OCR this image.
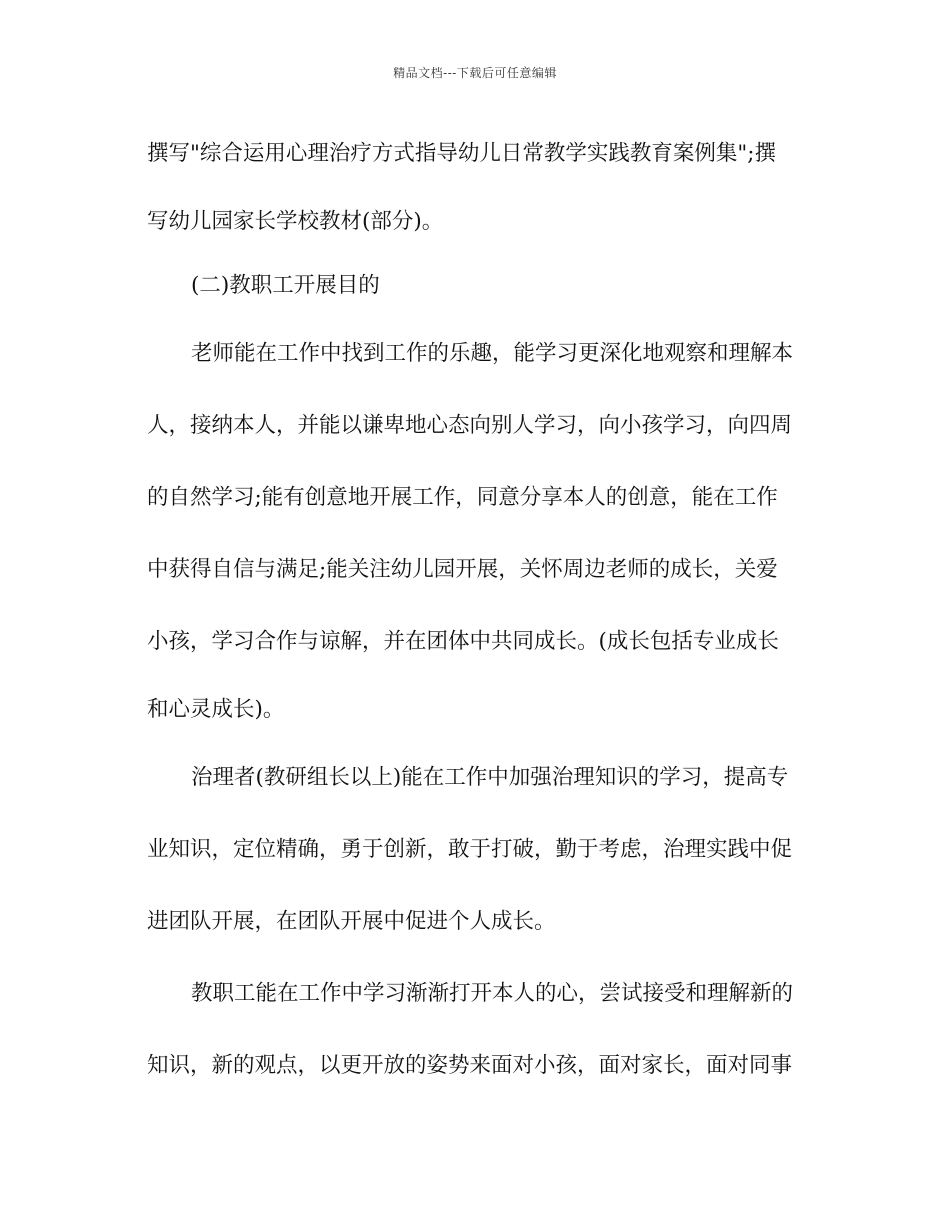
精品文档---下载后可任意编辑
撰写"综合运用心理治疗方式指导幼儿日常教学实践教育案例集";撰
写幼儿园家长学校教材(部分)。
(二)教职工开展目的
老师能在工作中找到工作的乐趣，能学习更深化地观察和理解本
人，接纳本人，并能以谦卑地心态向别人学习，向小孩学习，向四周
的自然学习;能有创意地开展工作，同意分享本人的创意，能在工作
中获得自信与满足;能关注幼儿园开展，关怀周边老师的成长，关爱
小孩，学习合作与谅解，并在团体中共同成长。(成长包括专业成长
和心灵成长)。
治理者(教研组长以上)能在工作中加强治理知识的学习，提高专
业知识，定位精确，勇于创新，敢于打破，勤于考虑，治理实践中促
进团队开展，在团队开展中促进个人成长。
教职工能在工作中学习渐渐打开本人的心，尝试接受和理解新的
知识，新的观点，以更开放的姿势来面对小孩，面对家长，面对同事
